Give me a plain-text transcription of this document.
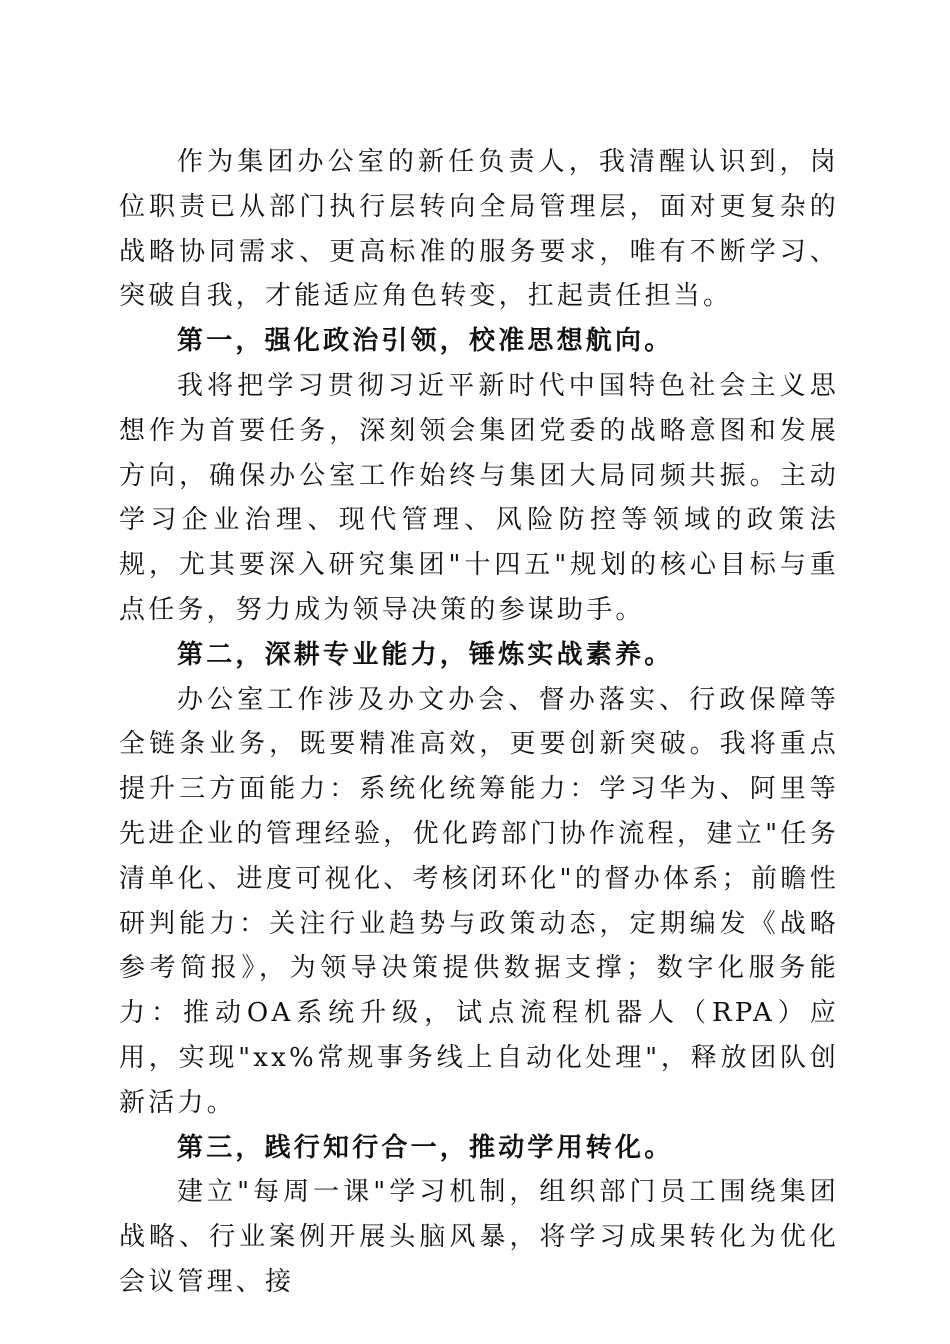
作为集团办公室的新任负责人，我清醒认识到，岗位职责已从部门执行层转向全局管理层，面对更复杂的战略协同需求、更高标准的服务要求，唯有不断学习、突破自我，才能适应角色转变，扛起责任担当。

第一，强化政治引领，校准思想航向。

我将把学习贯彻习近平新时代中国特色社会主义思想作为首要任务，深刻领会集团党委的战略意图和发展方向，确保办公室工作始终与集团大局同频共振。主动学习企业治理、现代管理、风险防控等领域的政策法规，尤其要深入研究集团"十四五"规划的核心目标与重点任务，努力成为领导决策的参谋助手。

第二，深耕专业能力，锤炼实战素养。

办公室工作涉及办文办会、督办落实、行政保障等全链条业务，既要精准高效，更要创新突破。我将重点提升三方面能力：系统化统筹能力：学习华为、阿里等先进企业的管理经验，优化跨部门协作流程，建立"任务清单化、进度可视化、考核闭环化"的督办体系；前瞻性研判能力：关注行业趋势与政策动态，定期编发《战略参考简报》，为领导决策提供数据支撑；数字化服务能力：推动OA系统升级，试点流程机器人（RPA）应用，实现"xx%常规事务线上自动化处理"，释放团队创新活力。

第三，践行知行合一，推动学用转化。

建立"每周一课"学习机制，组织部门员工围绕集团战略、行业案例开展头脑风暴，将学习成果转化为优化会议管理、接
